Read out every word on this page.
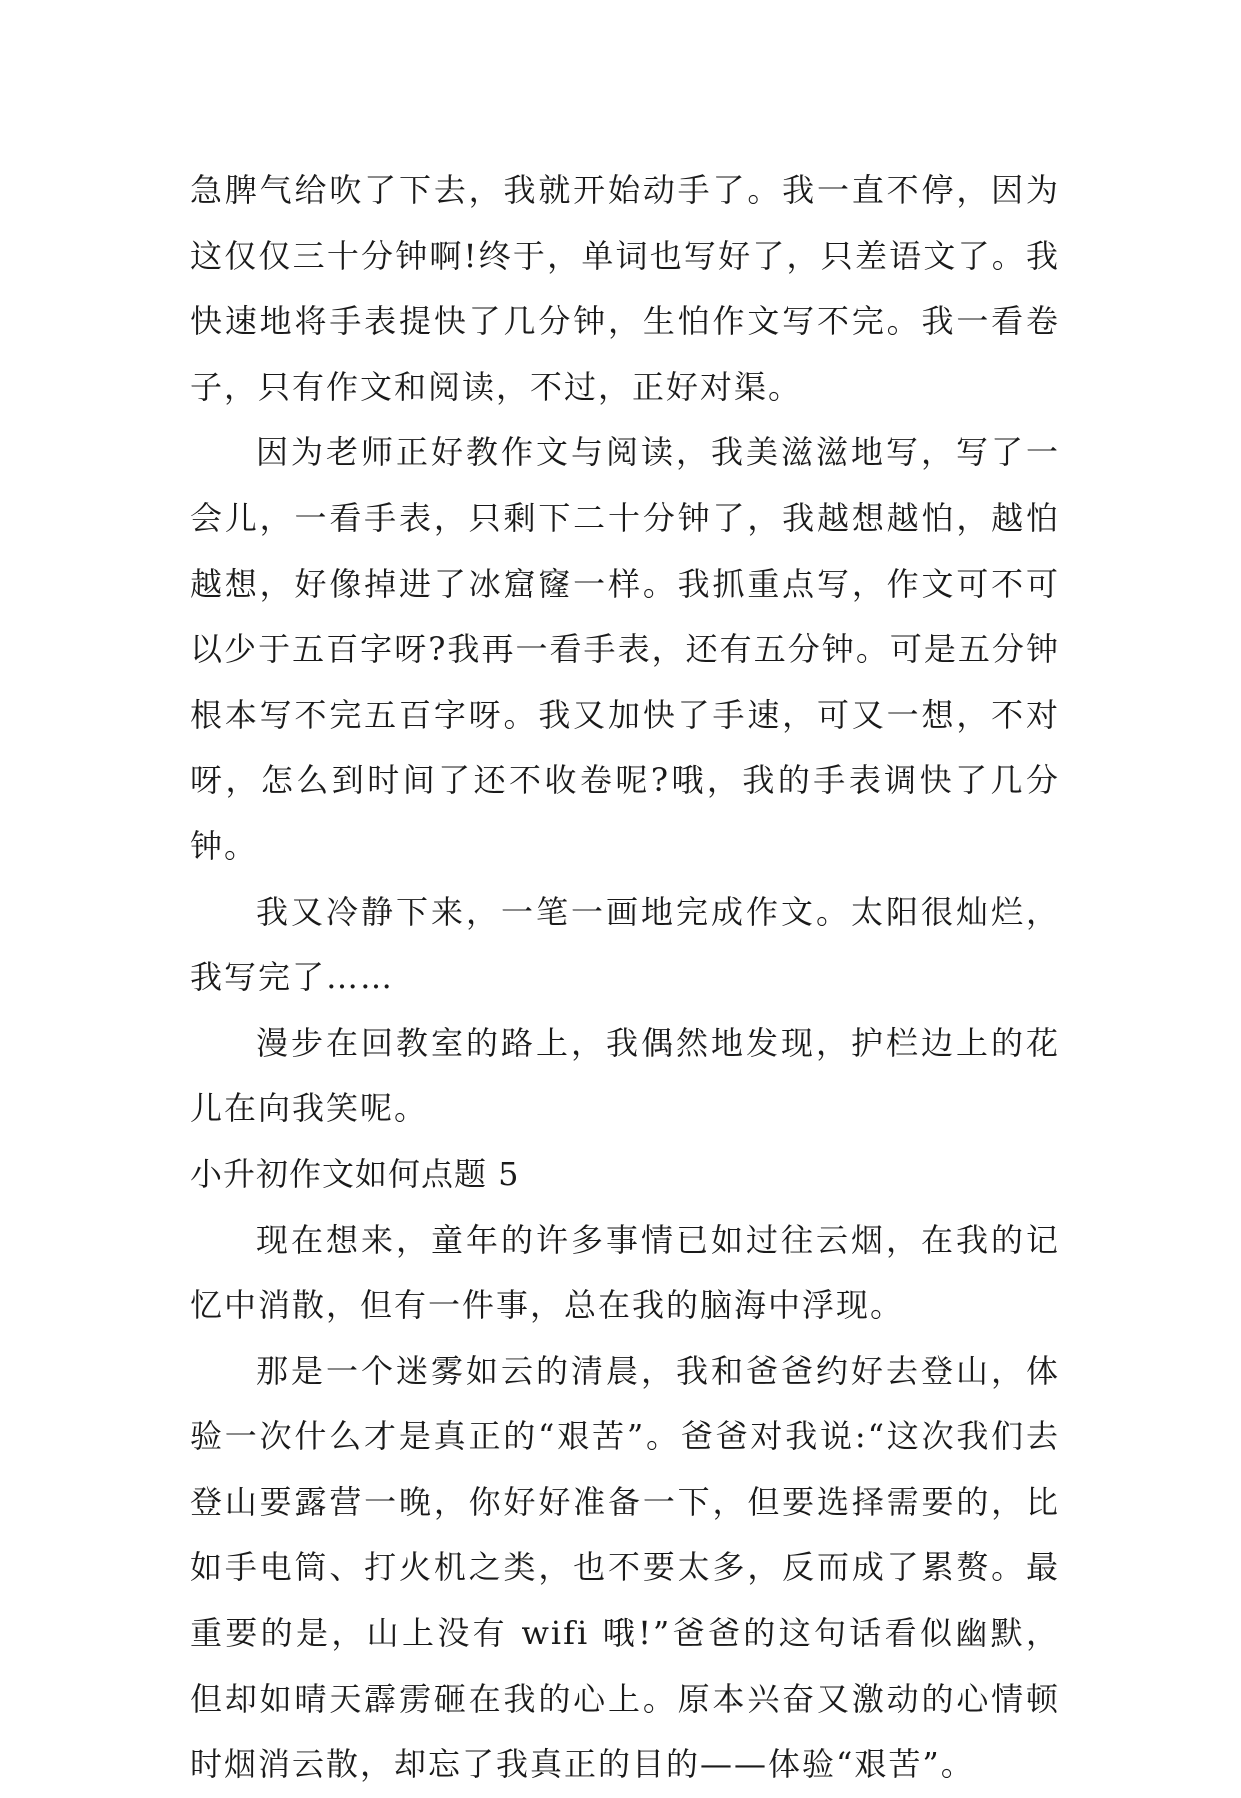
急脾气给吹了下去，我就开始动手了。我一直不停，因为这仅仅三十分钟啊!终于，单词也写好了，只差语文了。我快速地将手表提快了几分钟，生怕作文写不完。我一看卷子，只有作文和阅读，不过，正好对渠。

因为老师正好教作文与阅读，我美滋滋地写，写了一会儿，一看手表，只剩下二十分钟了，我越想越怕，越怕越想，好像掉进了冰窟窿一样。我抓重点写，作文可不可以少于五百字呀?我再一看手表，还有五分钟。可是五分钟根本写不完五百字呀。我又加快了手速，可又一想，不对呀，怎么到时间了还不收卷呢?哦，我的手表调快了几分钟。

我又冷静下来，一笔一画地完成作文。太阳很灿烂，我写完了……

漫步在回教室的路上，我偶然地发现，护栏边上的花儿在向我笑呢。

小升初作文如何点题 5

现在想来，童年的许多事情已如过往云烟，在我的记忆中消散，但有一件事，总在我的脑海中浮现。

那是一个迷雾如云的清晨，我和爸爸约好去登山，体验一次什么才是真正的“艰苦”。爸爸对我说:“这次我们去登山要露营一晚，你好好准备一下，但要选择需要的，比如手电筒、打火机之类，也不要太多，反而成了累赘。最重要的是，山上没有 wifi 哦!”爸爸的这句话看似幽默，但却如晴天霹雳砸在我的心上。原本兴奋又激动的心情顿时烟消云散，却忘了我真正的目的——体验“艰苦”。
